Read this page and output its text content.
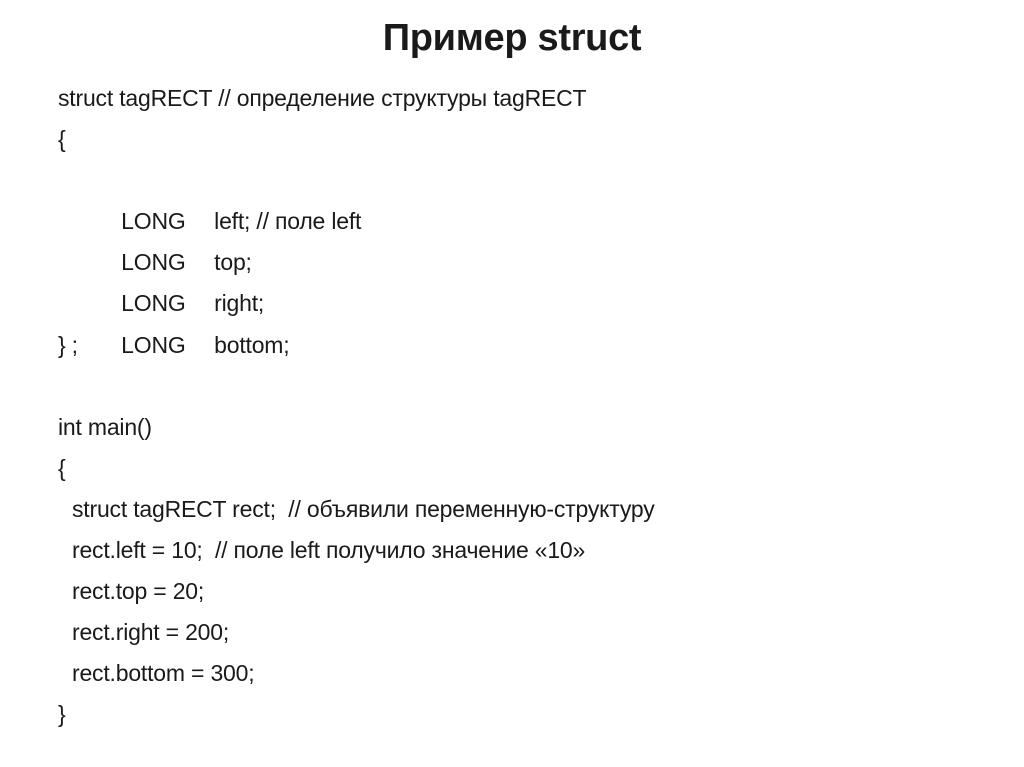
Пример struct
struct tagRECT // определение структуры tagRECT
{

LONG left; // поле left

LONG top;

LONG right;

LONG bottom;

} ;
int main()
{
struct tagRECT rect;  // объявили переменную-структуру
rect.left = 10;  // поле left получило значение «10»
rect.top = 20;
rect.right = 200;
rect.bottom = 300;
}
